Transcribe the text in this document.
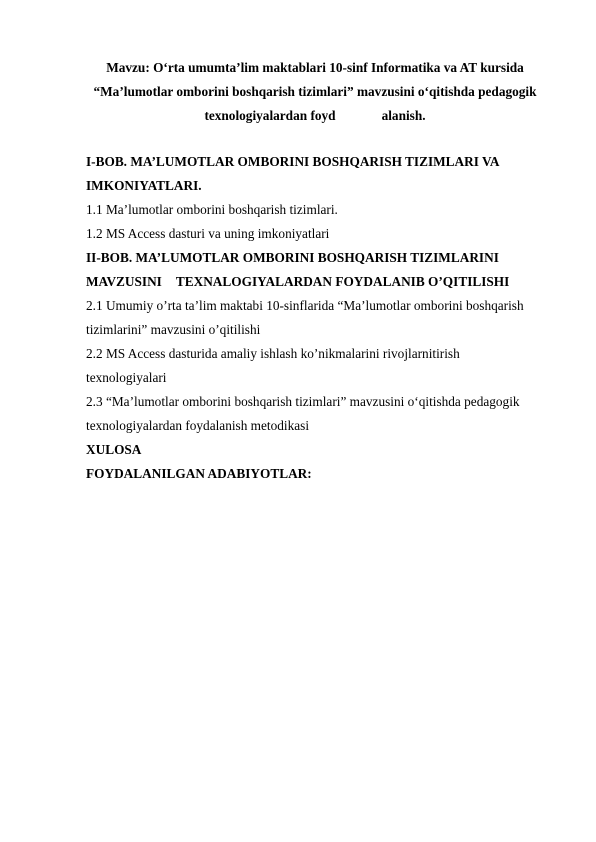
Mavzu: O‘rta umumta’lim maktablari 10-sinf Informatika va AT kursida
“Ma’lumotlar omborini boshqarish tizimlari” mavzusini o‘qitishda pedagogik
texnologiyalardan foyd	alanish.
I-BOB. MA’LUMOTLAR OMBORINI BOSHQARISH TIZIMLARI VA
IMKONIYATLARI.
1.1 Ma’lumotlar omborini boshqarish tizimlari.
1.2 MS Access dasturi va uning imkoniyatlari
II-BOB. MA’LUMOTLAR OMBORINI BOSHQARISH TIZIMLARINI
MAVZUSINI TEXNALOGIYALARDAN FOYDALANIB O’QITILISHI
2.1 Umumiy o’rta ta’lim maktabi 10-sinflarida “Ma’lumotlar omborini boshqarish
tizimlarini” mavzusini o’qitilishi
2.2 MS Access dasturida amaliy ishlash ko’nikmalarini rivojlarnitirish
texnologiyalari
2.3 “Ma’lumotlar omborini boshqarish tizimlari” mavzusini o‘qitishda pedagogik
texnologiyalardan foydalanish metodikasi
XULOSA
FOYDALANILGAN ADABIYOTLAR:
